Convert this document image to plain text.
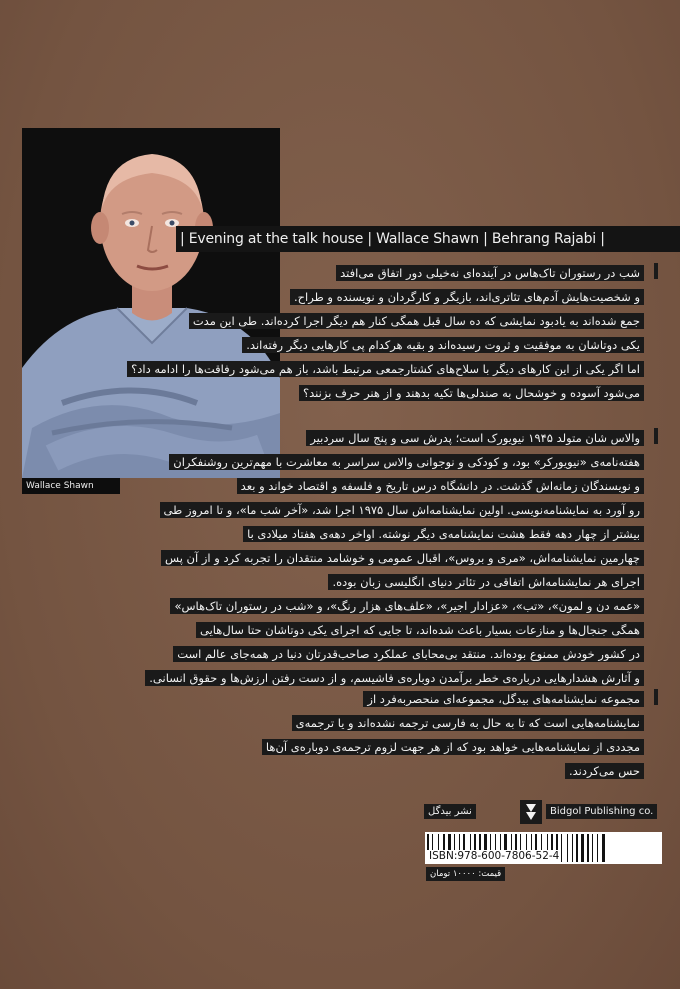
Wallace Shawn
| Evening at the talk house | Wallace Shawn | Behrang Rajabi |
شب در رستوران تاک‌هاس در آینده‌ای نه‌خیلی دور اتفاق می‌افتد
و شخصیت‌هایش آدم‌های تئاتری‌اند، بازیگر و کارگردان و نویسنده و طراح.
جمع شده‌اند به یادبود نمایشی که ده سال قبل همگی کنار هم دیگر اجرا کرده‌اند. طی این مدت
یکی دوتاشان به موفقیت و ثروت رسیده‌اند و بقیه هرکدام پی کارهایی دیگر رفته‌اند.
اما اگر یکی از این کارهای دیگر با سلاح‌های کشتارجمعی مرتبط باشد، باز هم می‌شود رفاقت‌ها را ادامه داد؟
می‌شود آسوده و خوشحال به صندلی‌ها تکیه بدهند و از هنر حرف بزنند؟
والاس شان متولد ۱۹۴۵ نیویورک است؛ پدرش سی و پنج سال سردبیر
هفته‌نامه‌ی «نیویورکر» بود، و کودکی و نوجوانی والاس سراسر به معاشرت با مهم‌ترین روشنفکران
و نویسندگان زمانه‌اش گذشت. در دانشگاه درس تاریخ و فلسفه و اقتصاد خواند و بعد
رو آورد به نمایشنامه‌نویسی. اولین نمایشنامه‌اش سال ۱۹۷۵ اجرا شد، «آخر شب ما»، و تا امروز طی
بیشتر از چهار دهه فقط هشت نمایشنامه‌ی دیگر نوشته. اواخر دهه‌ی هفتاد میلادی با
چهارمین نمایشنامه‌اش، «مری و بروس»، اقبال عمومی و خوشامد منتقدان را تجربه کرد و از آن پس
اجرای هر نمایشنامه‌اش اتفاقی در تئاتر دنیای انگلیسی زبان بوده.
«عمه دن و لمون»، «تب»، «عزادار اجیر»، «علف‌های هزار رنگ»، و «شب در رستوران تاک‌هاس»
همگی جنجال‌ها و منازعات بسیار باعث شده‌اند، تا جایی که اجرای یکی دوتاشان حتا سال‌هایی
در کشور خودش ممنوع بوده‌اند. منتقد بی‌محابای عملکرد صاحب‌قدرتان دنیا در همه‌جای عالم است
و آثارش هشدارهایی درباره‌ی خطر برآمدن دوباره‌ی فاشیسم، و از دست رفتن ارزش‌ها و حقوق انسانی.
مجموعه نمایشنامه‌های بیدگل، مجموعه‌ای منحصربه‌فرد از
نمایشنامه‌هایی است که تا به حال به فارسی ترجمه نشده‌اند و یا ترجمه‌ی
مجددی از نمایشنامه‌هایی خواهد بود که از هر جهت لزوم ترجمه‌ی دوباره‌ی آن‌ها
حس می‌کردند.
نشر بیدگل	Bidgol Publishing co.
ISBN:978-600-7806-52-4
قیمت: ۱۰۰۰۰ تومان
